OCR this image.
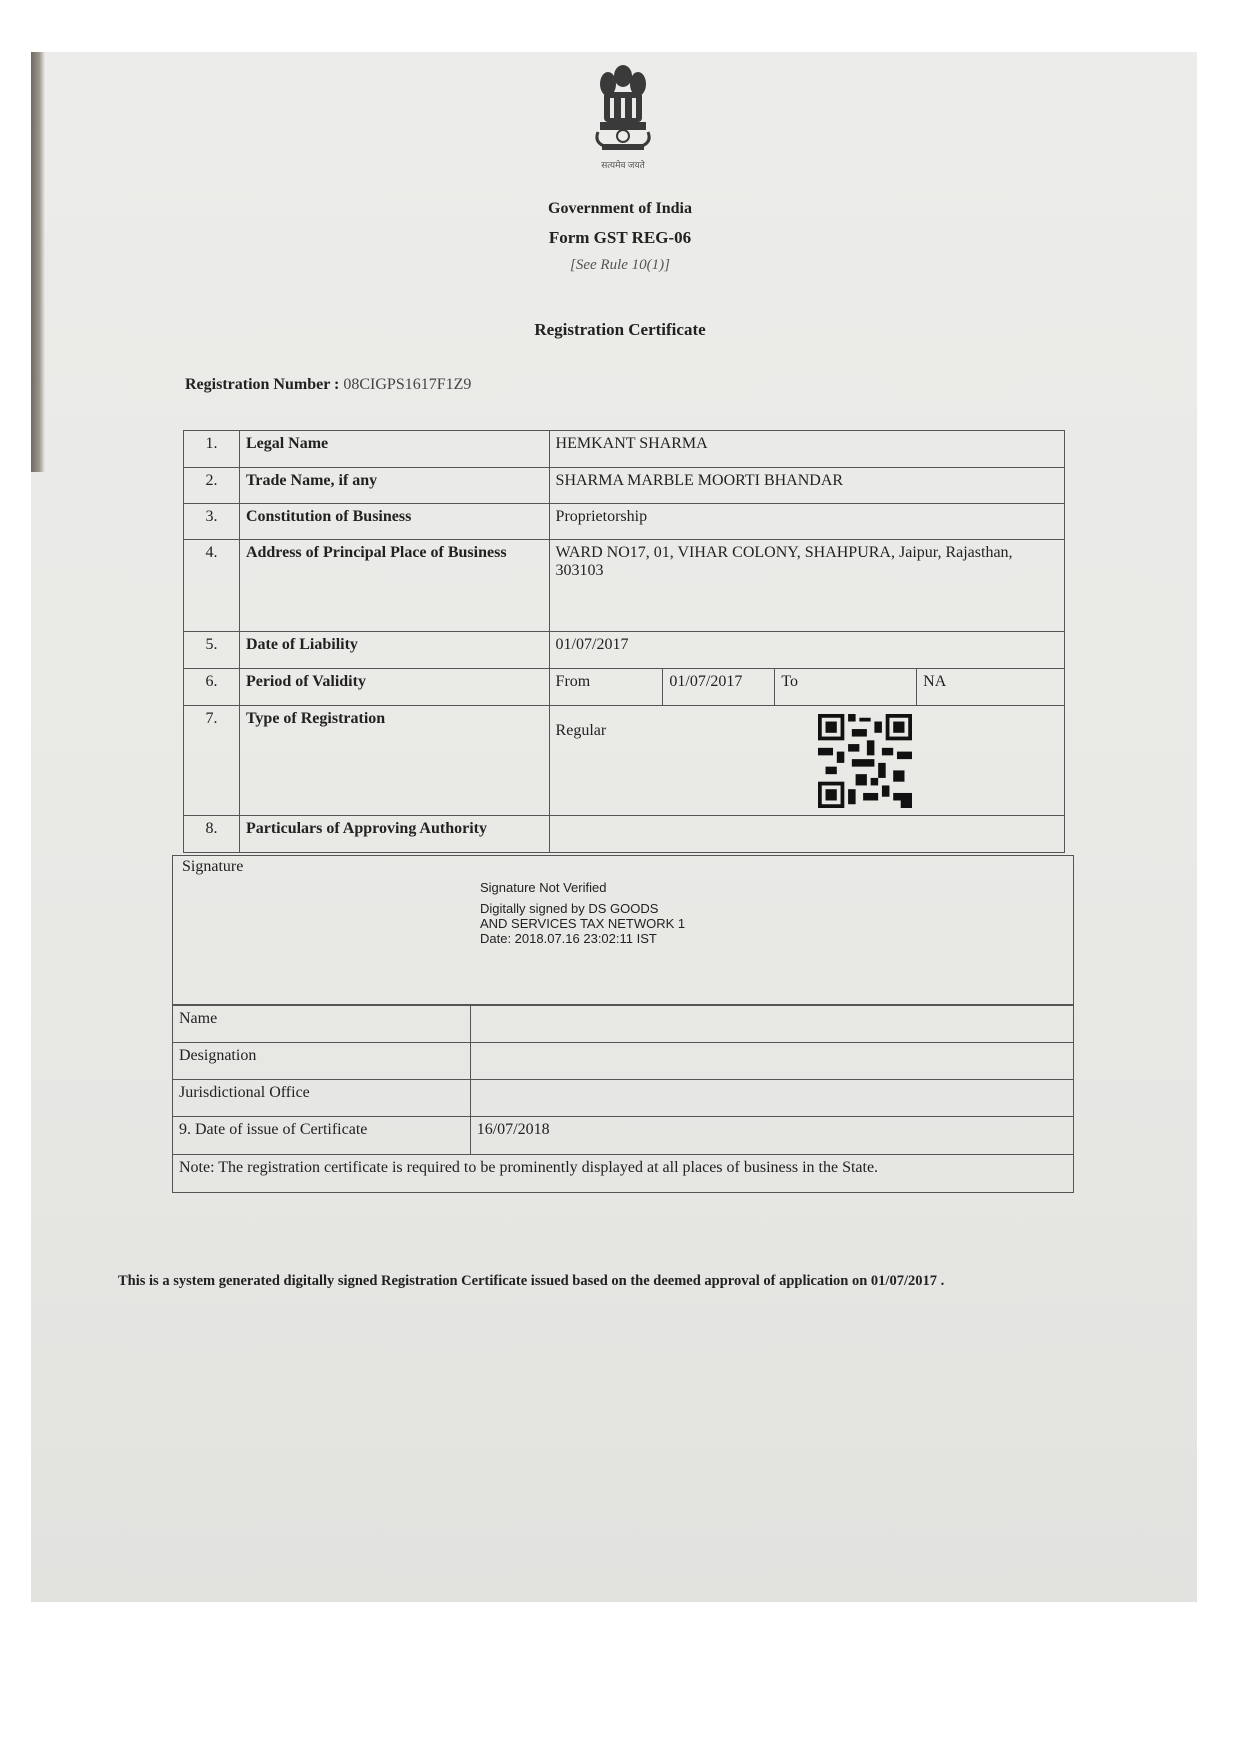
सत्यमेव जयते
Government of India
Form GST REG-06
[See Rule 10(1)]
Registration Certificate
Registration Number : 08CIGPS1617F1Z9
1.	Legal Name	HEMKANT SHARMA			
2.	Trade Name, if any	SHARMA MARBLE MOORTI BHANDAR			
3.	Constitution of Business	Proprietorship			
4.	Address of Principal Place of Business	WARD NO17, 01, VIHAR COLONY, SHAHPURA, Jaipur, Rajasthan, 303103			
5.	Date of Liability	01/07/2017			
6.	Period of Validity	From	01/07/2017	To	NA
7.	Type of Registration	Regular			

8.	Particulars of Approving Authority				

Signature
Signature Not Verified
Digitally signed by DS GOODS
AND SERVICES TAX NETWORK 1
Date: 2018.07.16 23:02:11 IST
Name	
Designation	
Jurisdictional Office	
9. Date of issue of Certificate	16/07/2018
Note: The registration certificate is required to be prominently displayed at all places of business in the State.	
This is a system generated digitally signed Registration Certificate issued based on the deemed approval of application on 01/07/2017 .
